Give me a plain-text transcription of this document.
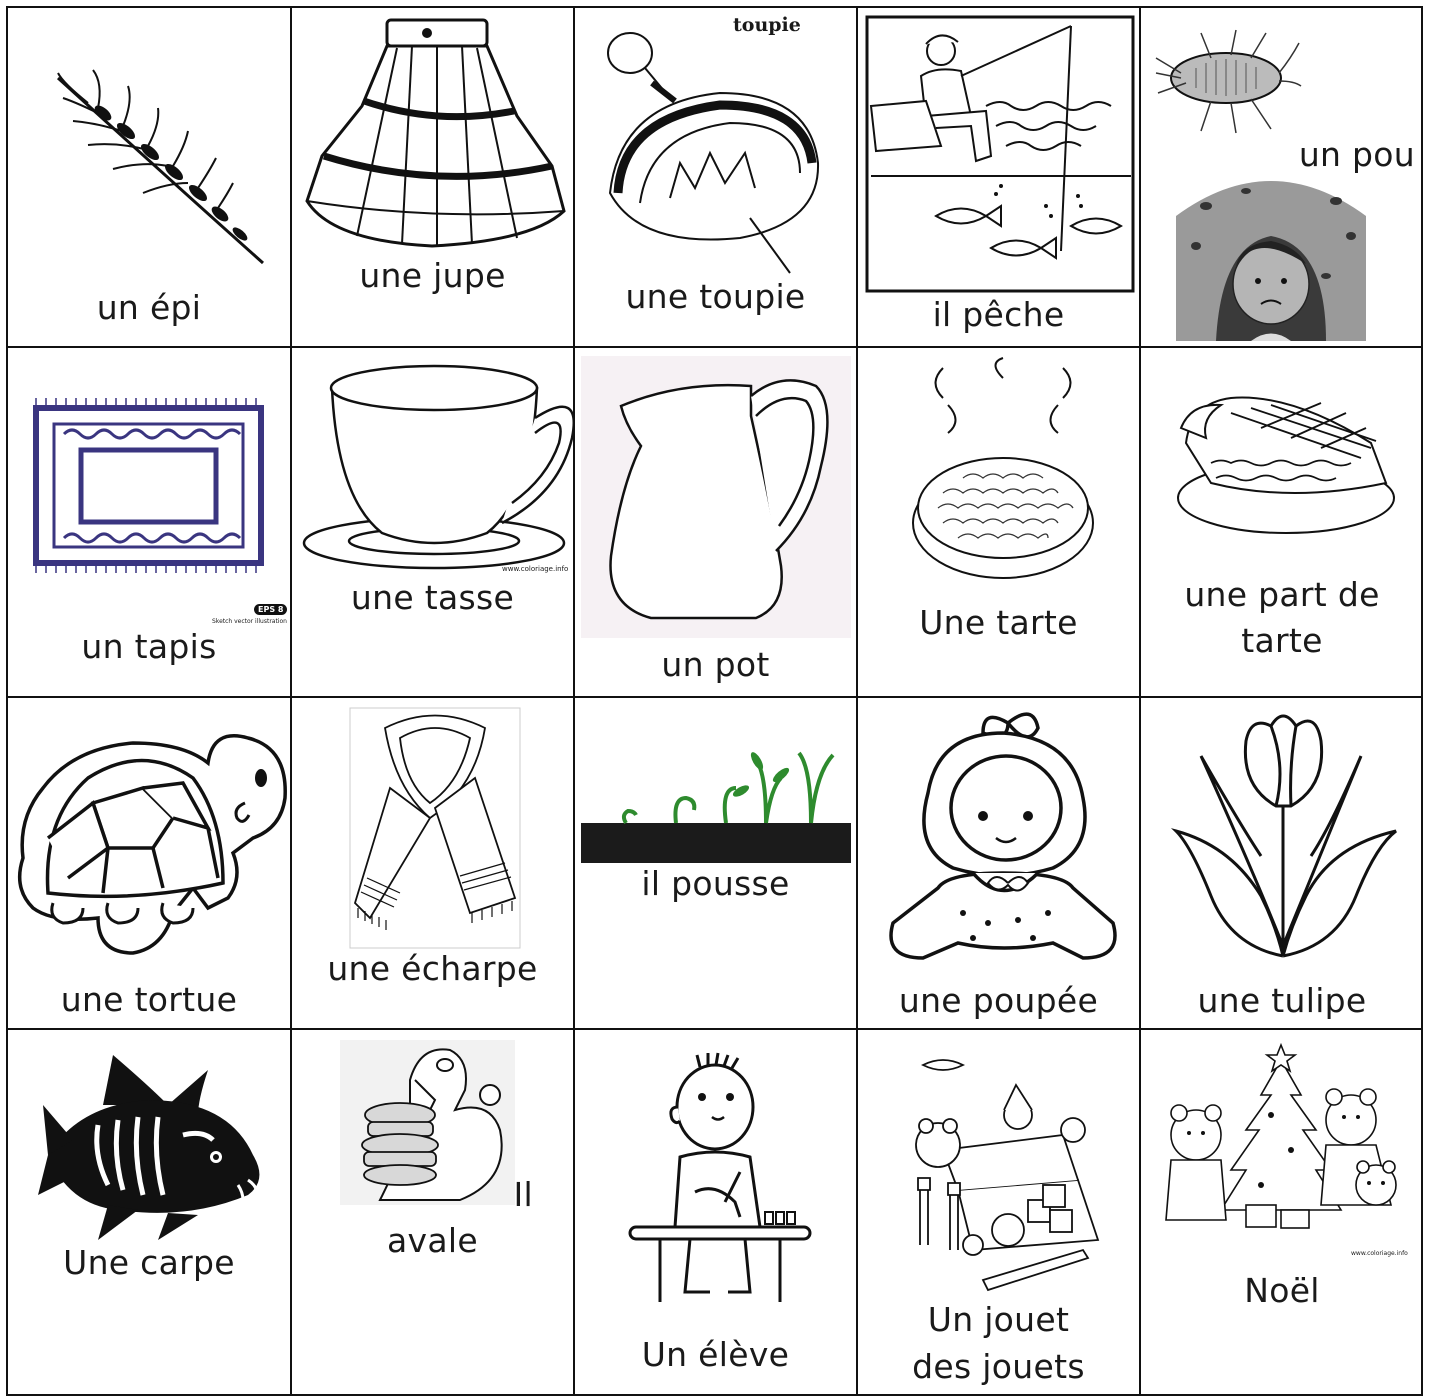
un épi
une jupe
toupie
une toupie	il pêche
un pou
EPS 8
Sketch vector illustration
un tapis
www.coloriage.info
une tasse
un pot
Une tarte
une part de
tarte
une tortue
une écharpe
il pousse
une poupée	une tulipe
Une carpe
Il
avale
Un élève
Un jouet
des jouets
www.coloriage.info
Noël
